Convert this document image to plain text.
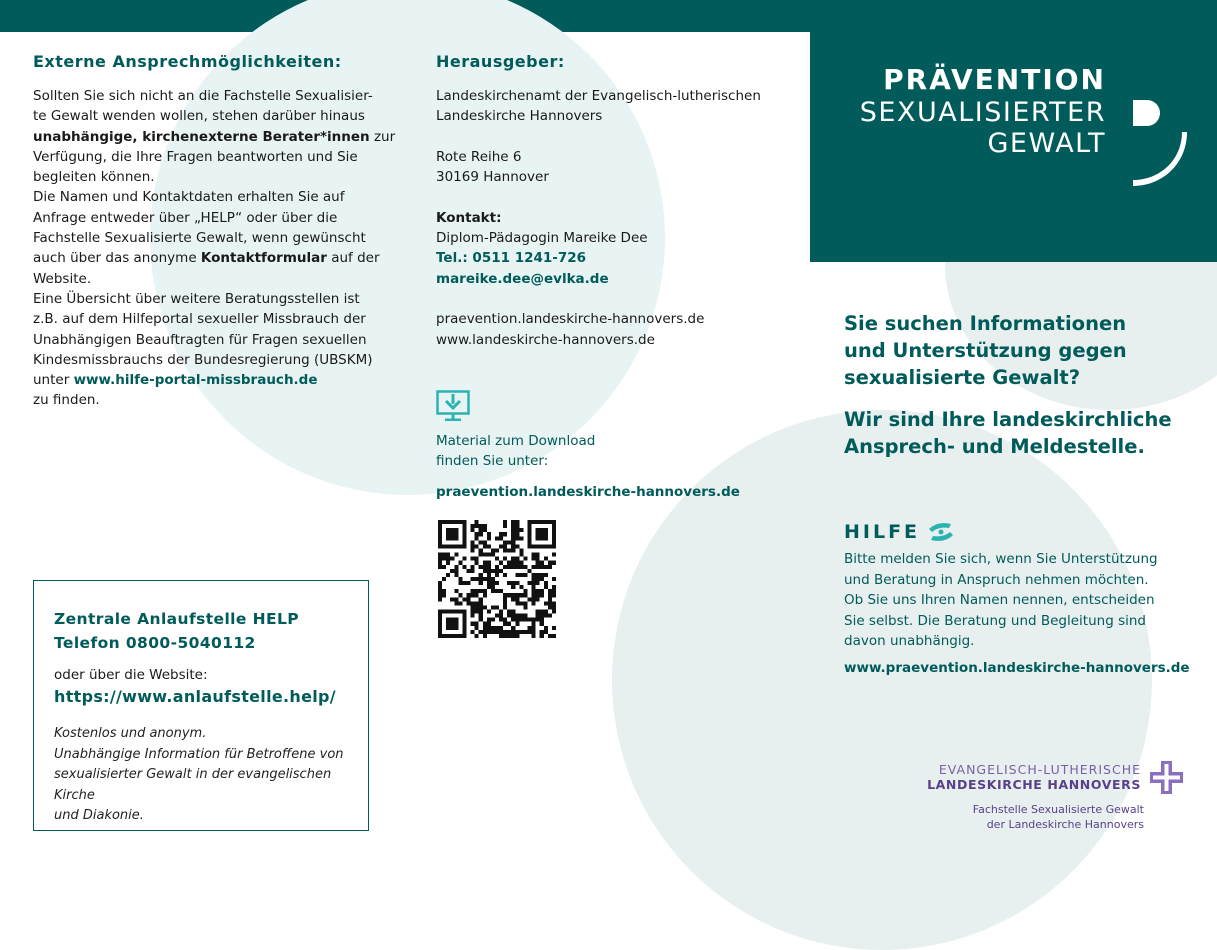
PRÄVENTION
SEXUALISIERTER
GEWALT
Externe Ansprechmöglichkeiten:
Sollten Sie sich nicht an die Fachstelle Sexualisier-
te Gewalt wenden wollen, stehen darüber hinaus
unabhängige, kirchenexterne Berater*innen zur
Verfügung, die Ihre Fragen beantworten und Sie
begleiten können.
Die Namen und Kontaktdaten erhalten Sie auf
Anfrage entweder über „HELP“ oder über die
Fachstelle Sexualisierte Gewalt, wenn gewünscht
auch über das anonyme Kontaktformular auf der
Website.
Eine Übersicht über weitere Beratungsstellen ist
z.B. auf dem Hilfeportal sexueller Missbrauch der
Unabhängigen Beauftragten für Fragen sexuellen
Kindesmissbrauchs der Bundesregierung (UBSKM)
unter www.hilfe-portal-missbrauch.de
zu finden.
Zentrale Anlaufstelle HELP
Telefon 0800-5040112
oder über die Website:
https://www.anlaufstelle.help/
Kostenlos und anonym.
Unabhängige Information für Betroffene von
sexualisierter Gewalt in der evangelischen Kirche
und Diakonie.
Herausgeber:
Landeskirchenamt der Evangelisch-lutherischen
Landeskirche Hannovers
Rote Reihe 6
30169 Hannover
Kontakt:
Diplom-Pädagogin Mareike Dee
Tel.: 0511 1241-726
mareike.dee@evlka.de
praevention.landeskirche-hannovers.de
www.landeskirche-hannovers.de
Material zum Download
finden Sie unter:
praevention.landeskirche-hannovers.de
Sie suchen Informationen
und Unterstützung gegen
sexualisierte Gewalt?
Wir sind Ihre landeskirchliche
Ansprech- und Meldestelle.
HILFE
Bitte melden Sie sich, wenn Sie Unterstützung
und Beratung in Anspruch nehmen möchten.
Ob Sie uns Ihren Namen nennen, entscheiden
Sie selbst. Die Beratung und Begleitung sind
davon unabhängig.
www.praevention.landeskirche-hannovers.de
EVANGELISCH-LUTHERISCHE
LANDESKIRCHE HANNOVERS
Fachstelle Sexualisierte Gewalt
der Landeskirche Hannovers
